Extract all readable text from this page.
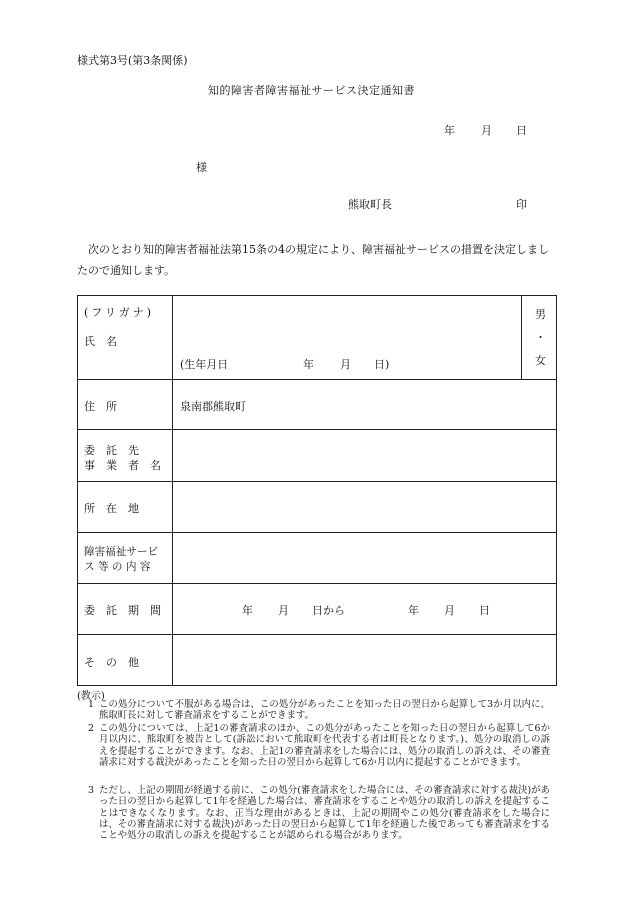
様式第3号(第3条関係)
知的障害者障害福祉サービス決定通知書
年 月 日
様
熊取町長	印
次のとおり知的障害者福祉法第15条の4の規定により、障害福祉サービスの措置を決定しましたので通知します。
(フリガナ)
氏　名
(生年月日	年 月 日)
男
・
女
住　所	泉南郡熊取町
委　託　先
事　業　者　名
所　在　地
障害福祉サービ
ス 等 の 内 容
委　託　期　間	年 月 日から	年 月 日
そ　の　他
(教示)
1 この処分について不服がある場合は、この処分があったことを知った日の翌日から起算して3か月以内に、熊取町長に対して審査請求をすることができます。
2 この処分については、上記1の審査請求のほか、この処分があったことを知った日の翌日から起算して6か月以内に、熊取町を被告として(訴訟において熊取町を代表する者は町長となります。)、処分の取消しの訴えを提起することができます。なお、上記1の審査請求をした場合には、処分の取消しの訴えは、その審査請求に対する裁決があったことを知った日の翌日から起算して6か月以内に提起することができます。
3 ただし、上記の期間が経過する前に、この処分(審査請求をした場合には、その審査請求に対する裁決)があった日の翌日から起算して1年を経過した場合は、審査請求をすることや処分の取消しの訴えを提起することはできなくなります。なお、正当な理由があるときは、上記の期間やこの処分(審査請求をした場合には、その審査請求に対する裁決)があった日の翌日から起算して1年を経過した後であっても審査請求をすることや処分の取消しの訴えを提起することが認められる場合があります。
